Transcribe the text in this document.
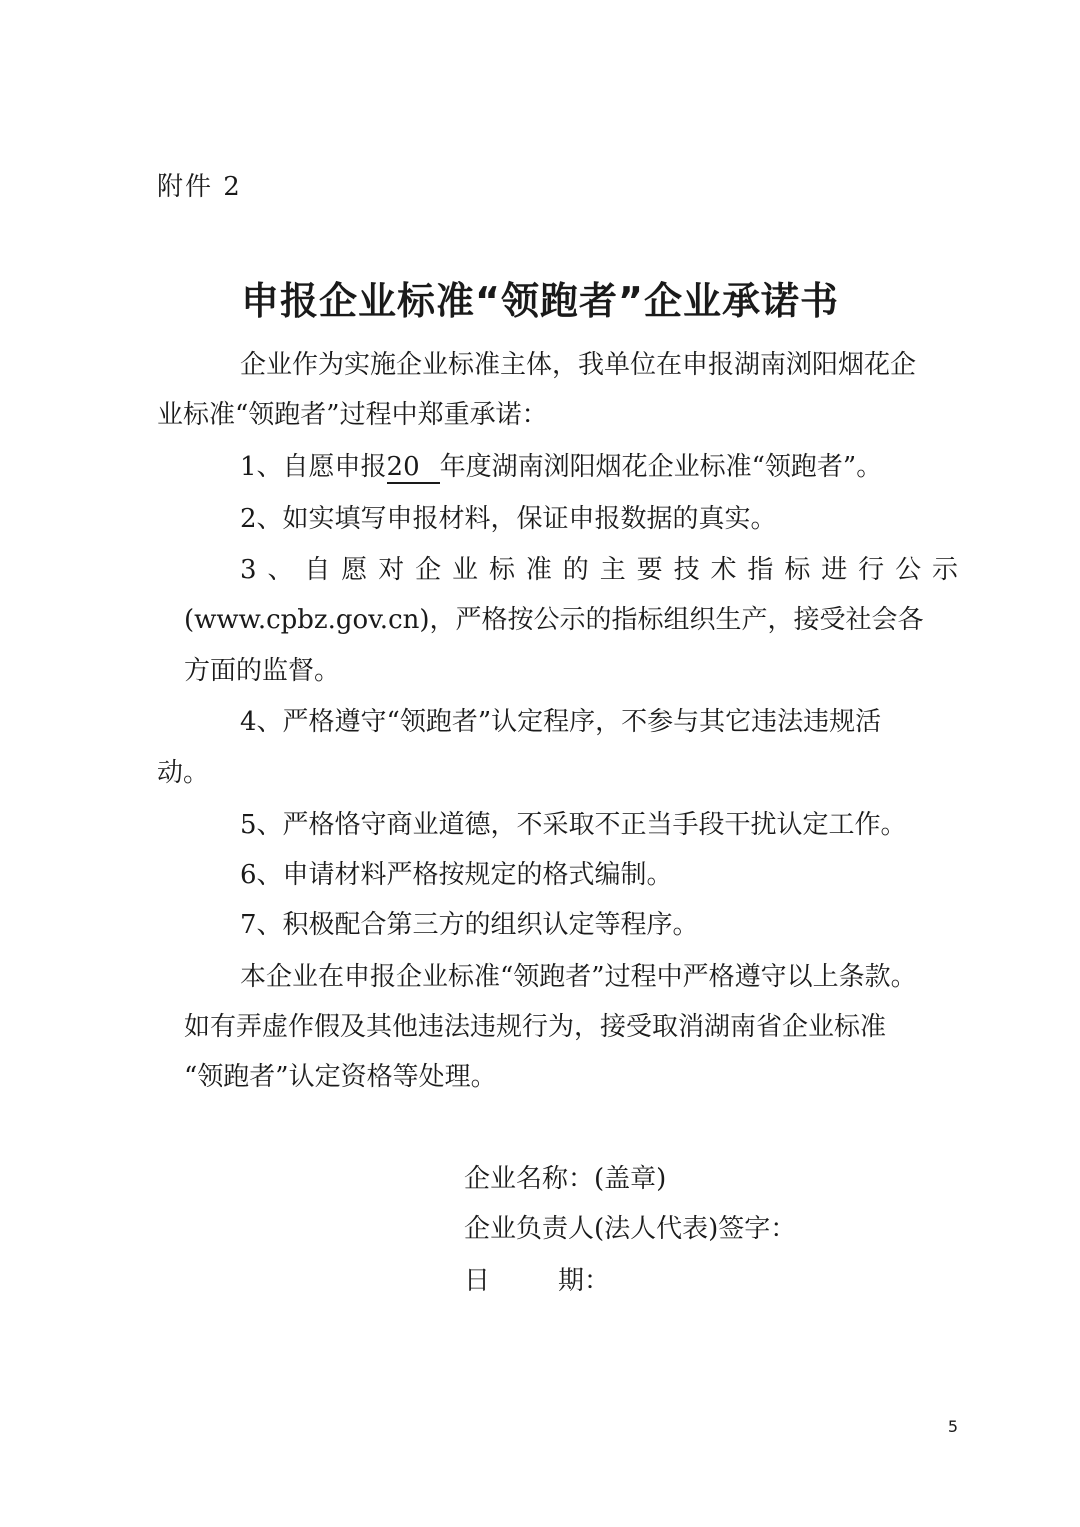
附件 2
申报企业标准“领跑者”企业承诺书
企业作为实施企业标准主体，我单位在申报湖南浏阳烟花企
业标准“领跑者”过程中郑重承诺：
1、自愿申报20 年度湖南浏阳烟花企业标准“领跑者”。
2、如实填写申报材料，保证申报数据的真实。
3、自愿对企业标准的主要技术指标进行公示
(www.cpbz.gov.cn)，严格按公示的指标组织生产，接受社会各
方面的监督。
4、严格遵守“领跑者”认定程序，不参与其它违法违规活
动。
5、严格恪守商业道德，不采取不正当手段干扰认定工作。
6、申请材料严格按规定的格式编制。
7、积极配合第三方的组织认定等程序。
本企业在申报企业标准“领跑者”过程中严格遵守以上条款。
如有弄虚作假及其他违法违规行为，接受取消湖南省企业标准
“领跑者”认定资格等处理。
企业名称：(盖章)
企业负责人(法人代表)签字：
日	期：
5
